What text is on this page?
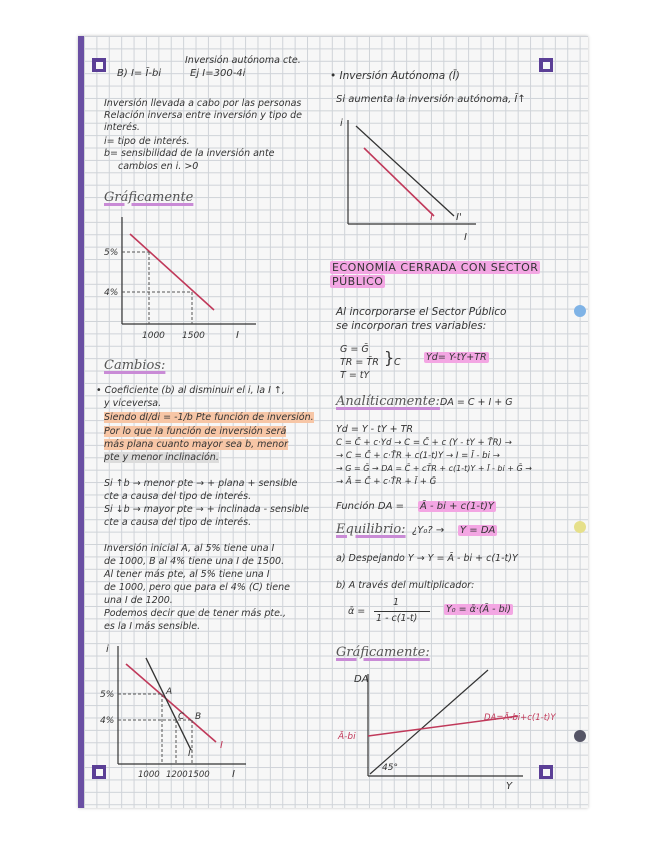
Inversión autónoma cte.
B) I= Ī-bi	Ej I=300-4i
Inversión llevada a cabo por las personas
Relación inversa entre inversión y tipo de
interés.
i= tipo de interés.
b= sensibilidad de la inversión ante
cambios en i. >0
Gráficamente
5%
4%
1000 1500	I
Cambios:
• Coeficiente (b) al disminuir el i, la I ↑,
y viceversa.
Siendo dI/di = -1/b Pte función de inversión.
Por lo que la función de inversión será
más plana cuanto mayor sea b, menor
pte y menor inclinación.
Si ↑b → menor pte → + plana + sensible
cte a causa del tipo de interés.
Si ↓b → mayor pte → + inclinada - sensible
cte a causa del tipo de interés.
Inversión inicial A, al 5% tiene una I
de 1000, B al 4% tiene una I de 1500.
Al tener más pte, al 5% tiene una I
de 1000, pero que para el 4% (C) tiene
una I de 1200.
Podemos decir que de tener más pte.,
es la I más sensible.
i
5%
4%
A
B
C
I
I'
1000 1200 1500 I
• Inversión Autónoma (Ī)
Si aumenta la inversión autónoma, Ī↑
i
I I'
I
ECONOMÍA CERRADA CON SECTOR
PÚBLICO
Al incorporarse el Sector Público
se incorporan tres variables:
G = Ḡ
TR = T̄R
T = tY
} C	Yd= Y-tY+TR
Analíticamente: DA = C + I + G
Yd = Y - tY + TR
C = C̄ + c·Yd → C = C̄ + c (Y - tY + T̄R) →
→ C = C̄ + c·T̄R + c(1-t)Y → I = Ī - bi →
→ G = Ḡ → DA = C̄ + cT̄R + c(1-t)Y + Ī - bi + Ḡ →
→ Ā = C̄ + c·T̄R + Ī + Ḡ
Función DA = Ā - bi + c(1-t)Y
Equilibrio: ¿Y₀? → Y = DA
a) Despejando Y → Y = Ā - bi + c(1-t)Y
b) A través del multiplicador:
ᾱ =
1
1 - c(1-t)
Y₀ = ᾱ·(Ā - bi)
Gráficamente:
DA
Ā-bi
DA=Ā-bi+c(1-t)Y
45°
Y
